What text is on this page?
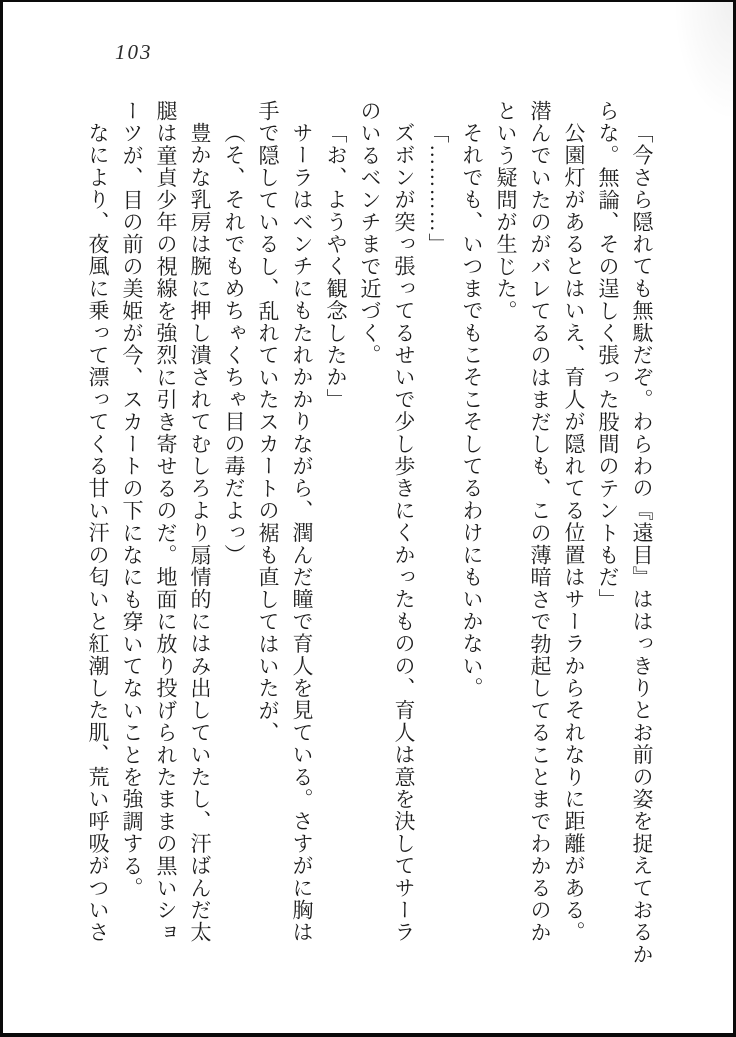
103
「今さら隠れても無駄だぞ。わらわの『遠目』ははっきりとお前の姿を捉えておるか
らな。無論、その逞しく張った股間のテントもだ」
公園灯があるとはいえ、育人が隠れてる位置はサーラからそれなりに距離がある。
潜んでいたのがバレてるのはまだしも、この薄暗さで勃起してることまでわかるのか
という疑問が生じた。
それでも、いつまでもこそこそしてるわけにもいかない。
「…………」
ズボンが突っ張ってるせいで少し歩きにくかったものの、育人は意を決してサーラ
のいるベンチまで近づく。
「お、ようやく観念したか」
サーラはベンチにもたれかかりながら、潤んだ瞳で育人を見ている。さすがに胸は
手で隠しているし、乱れていたスカートの裾も直してはいたが、
（そ、それでもめちゃくちゃ目の毒だよっ）
豊かな乳房は腕に押し潰されてむしろより扇情的にはみ出していたし、汗ばんだ太
腿は童貞少年の視線を強烈に引き寄せるのだ。地面に放り投げられたままの黒いショ
ーツが、目の前の美姫が今、スカートの下になにも穿いてないことを強調する。
なにより、夜風に乗って漂ってくる甘い汗の匂いと紅潮した肌、荒い呼吸がついさ
